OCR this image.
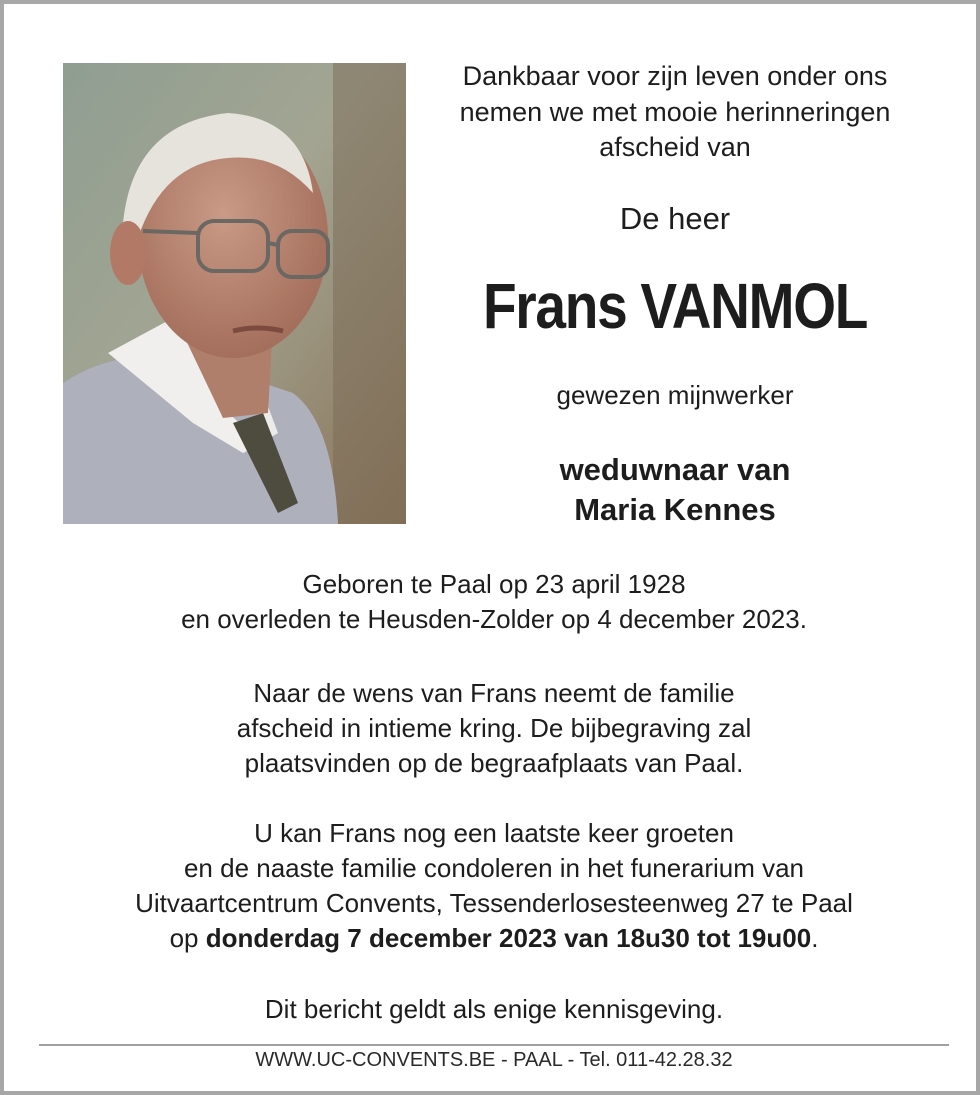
Dankbaar voor zijn leven onder ons
nemen we met mooie herinneringen
afscheid van
De heer
Frans VANMOL
gewezen mijnwerker
weduwnaar van
Maria Kennes
Geboren te Paal op 23 april 1928
en overleden te Heusden-Zolder op 4 december 2023.
Naar de wens van Frans neemt de familie
afscheid in intieme kring. De bijbegraving zal
plaatsvinden op de begraafplaats van Paal.
U kan Frans nog een laatste keer groeten
en de naaste familie condoleren in het funerarium van
Uitvaartcentrum Convents, Tessenderlosesteenweg 27 te Paal
op donderdag 7 december 2023 van 18u30 tot 19u00.
Dit bericht geldt als enige kennisgeving.
WWW.UC-CONVENTS.BE - PAAL - Tel. 011-42.28.32
